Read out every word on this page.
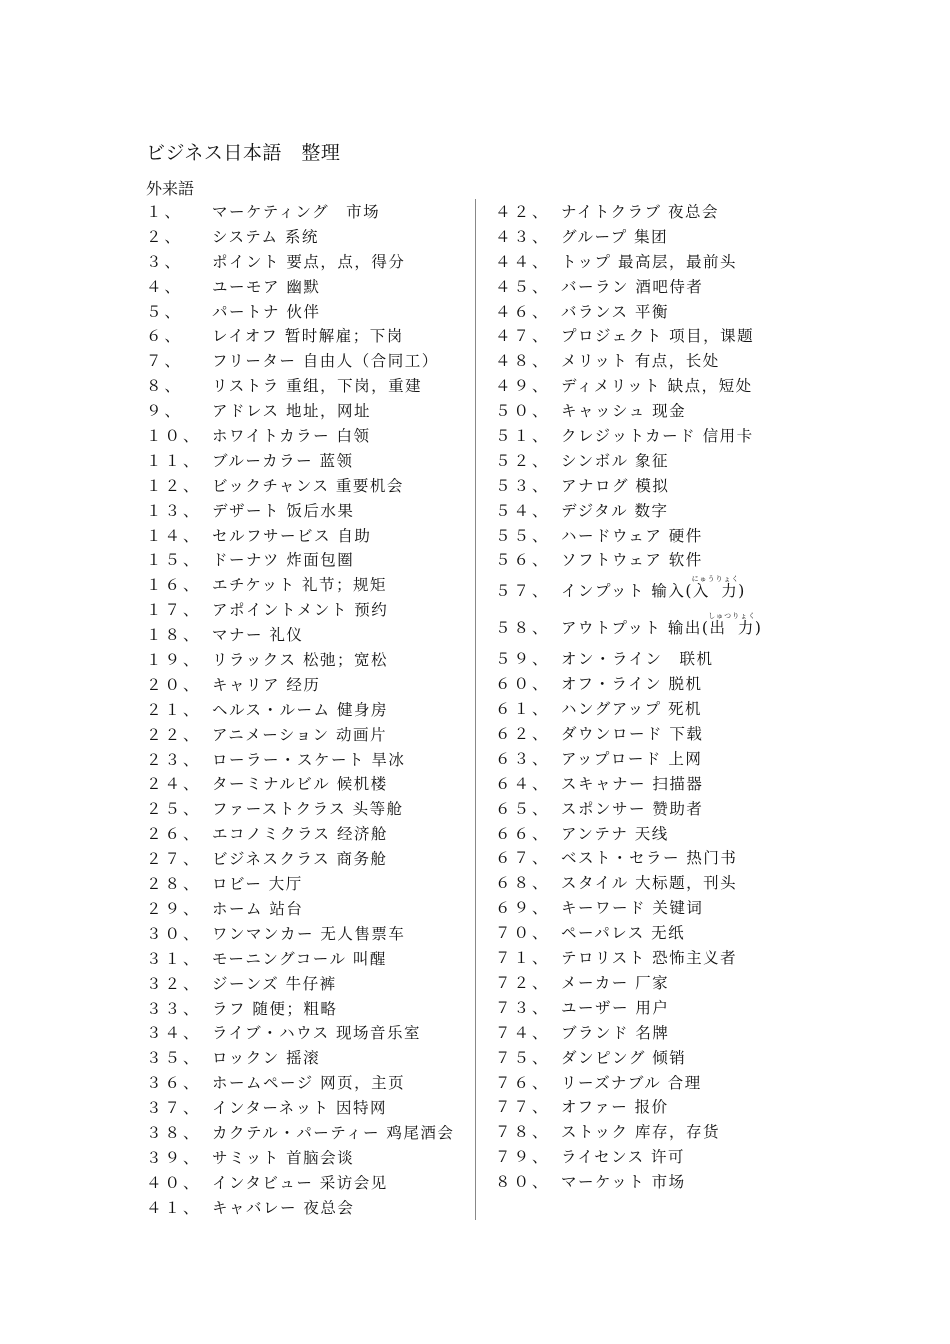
ビジネス日本語　整理
外来語
１、 マーケティング　市场
２、 システム 系统
３、 ポイント 要点，点，得分
４、 ユーモア 幽默
５、 パートナ 伙伴
６、 レイオフ 暂时解雇；下岗
７、 フリーター 自由人（合同工）
８、 リストラ 重组，下岗，重建
９、 アドレス 地址，网址
１０、 ホワイトカラー 白领
１１、 ブルーカラー 蓝领
１２、 ビックチャンス 重要机会
１３、 デザート 饭后水果
１４、 セルフサービス 自助
１５、 ドーナツ 炸面包圈
１６、 エチケット 礼节；规矩
１７、 アポイントメント 预约
１８、 マナー 礼仪
１９、 リラックス 松弛；宽松
２０、 キャリア 经历
２１、 ヘルス・ルーム 健身房
２２、 アニメーション 动画片
２３、 ローラー・スケート 旱冰
２４、 ターミナルビル 候机楼
２５、 ファーストクラス 头等舱
２６、 エコノミクラス 经济舱
２７、 ビジネスクラス 商务舱
２８、 ロビー 大厅
２９、 ホーム 站台
３０、 ワンマンカー 无人售票车
３１、 モーニングコール 叫醒
３２、 ジーンズ 牛仔裤
３３、 ラフ 随便；粗略
３４、 ライブ・ハウス 现场音乐室
３５、 ロックン 摇滚
３６、 ホームページ 网页，主页
３７、 インターネット 因特网
３８、 カクテル・パーティー 鸡尾酒会
３９、 サミット 首脑会谈
４０、 インタビュー 采访会见
４１、 キャバレー 夜总会
４２、 ナイトクラブ 夜总会
４３、 グループ 集团
４４、 トップ 最高层，最前头
４５、 バーラン 酒吧侍者
４６、 バランス 平衡
４７、 プロジェクト 项目，课题
４８、 メリット 有点，长处
４９、 ディメリット 缺点，短处
５０、 キャッシュ 现金
５１、 クレジットカード 信用卡
５２、 シンボル 象征
５３、 アナログ 模拟
５４、 デジタル 数字
５５、 ハードウェア 硬件
５６、 ソフトウェア 软件
５７、 インプット 输入(入 力にゅうりょく)
５８、 アウトプット 输出(出 力しゅつりょく)
５９、 オン・ライン　联机
６０、 オフ・ライン 脱机
６１、 ハングアップ 死机
６２、 ダウンロード 下载
６３、 アップロード 上网
６４、 スキャナー 扫描器
６５、 スポンサー 赞助者
６６、 アンテナ 天线
６７、 ベスト・セラー 热门书
６８、 スタイル 大标题，刊头
６９、 キーワード 关键词
７０、 ペーパレス 无纸
７１、 テロリスト 恐怖主义者
７２、 メーカー 厂家
７３、 ユーザー 用户
７４、 ブランド 名牌
７５、 ダンピング 倾销
７６、 リーズナブル 合理
７７、 オファー 报价
７８、 ストック 库存，存货
７９、 ライセンス 许可
８０、 マーケット 市场
